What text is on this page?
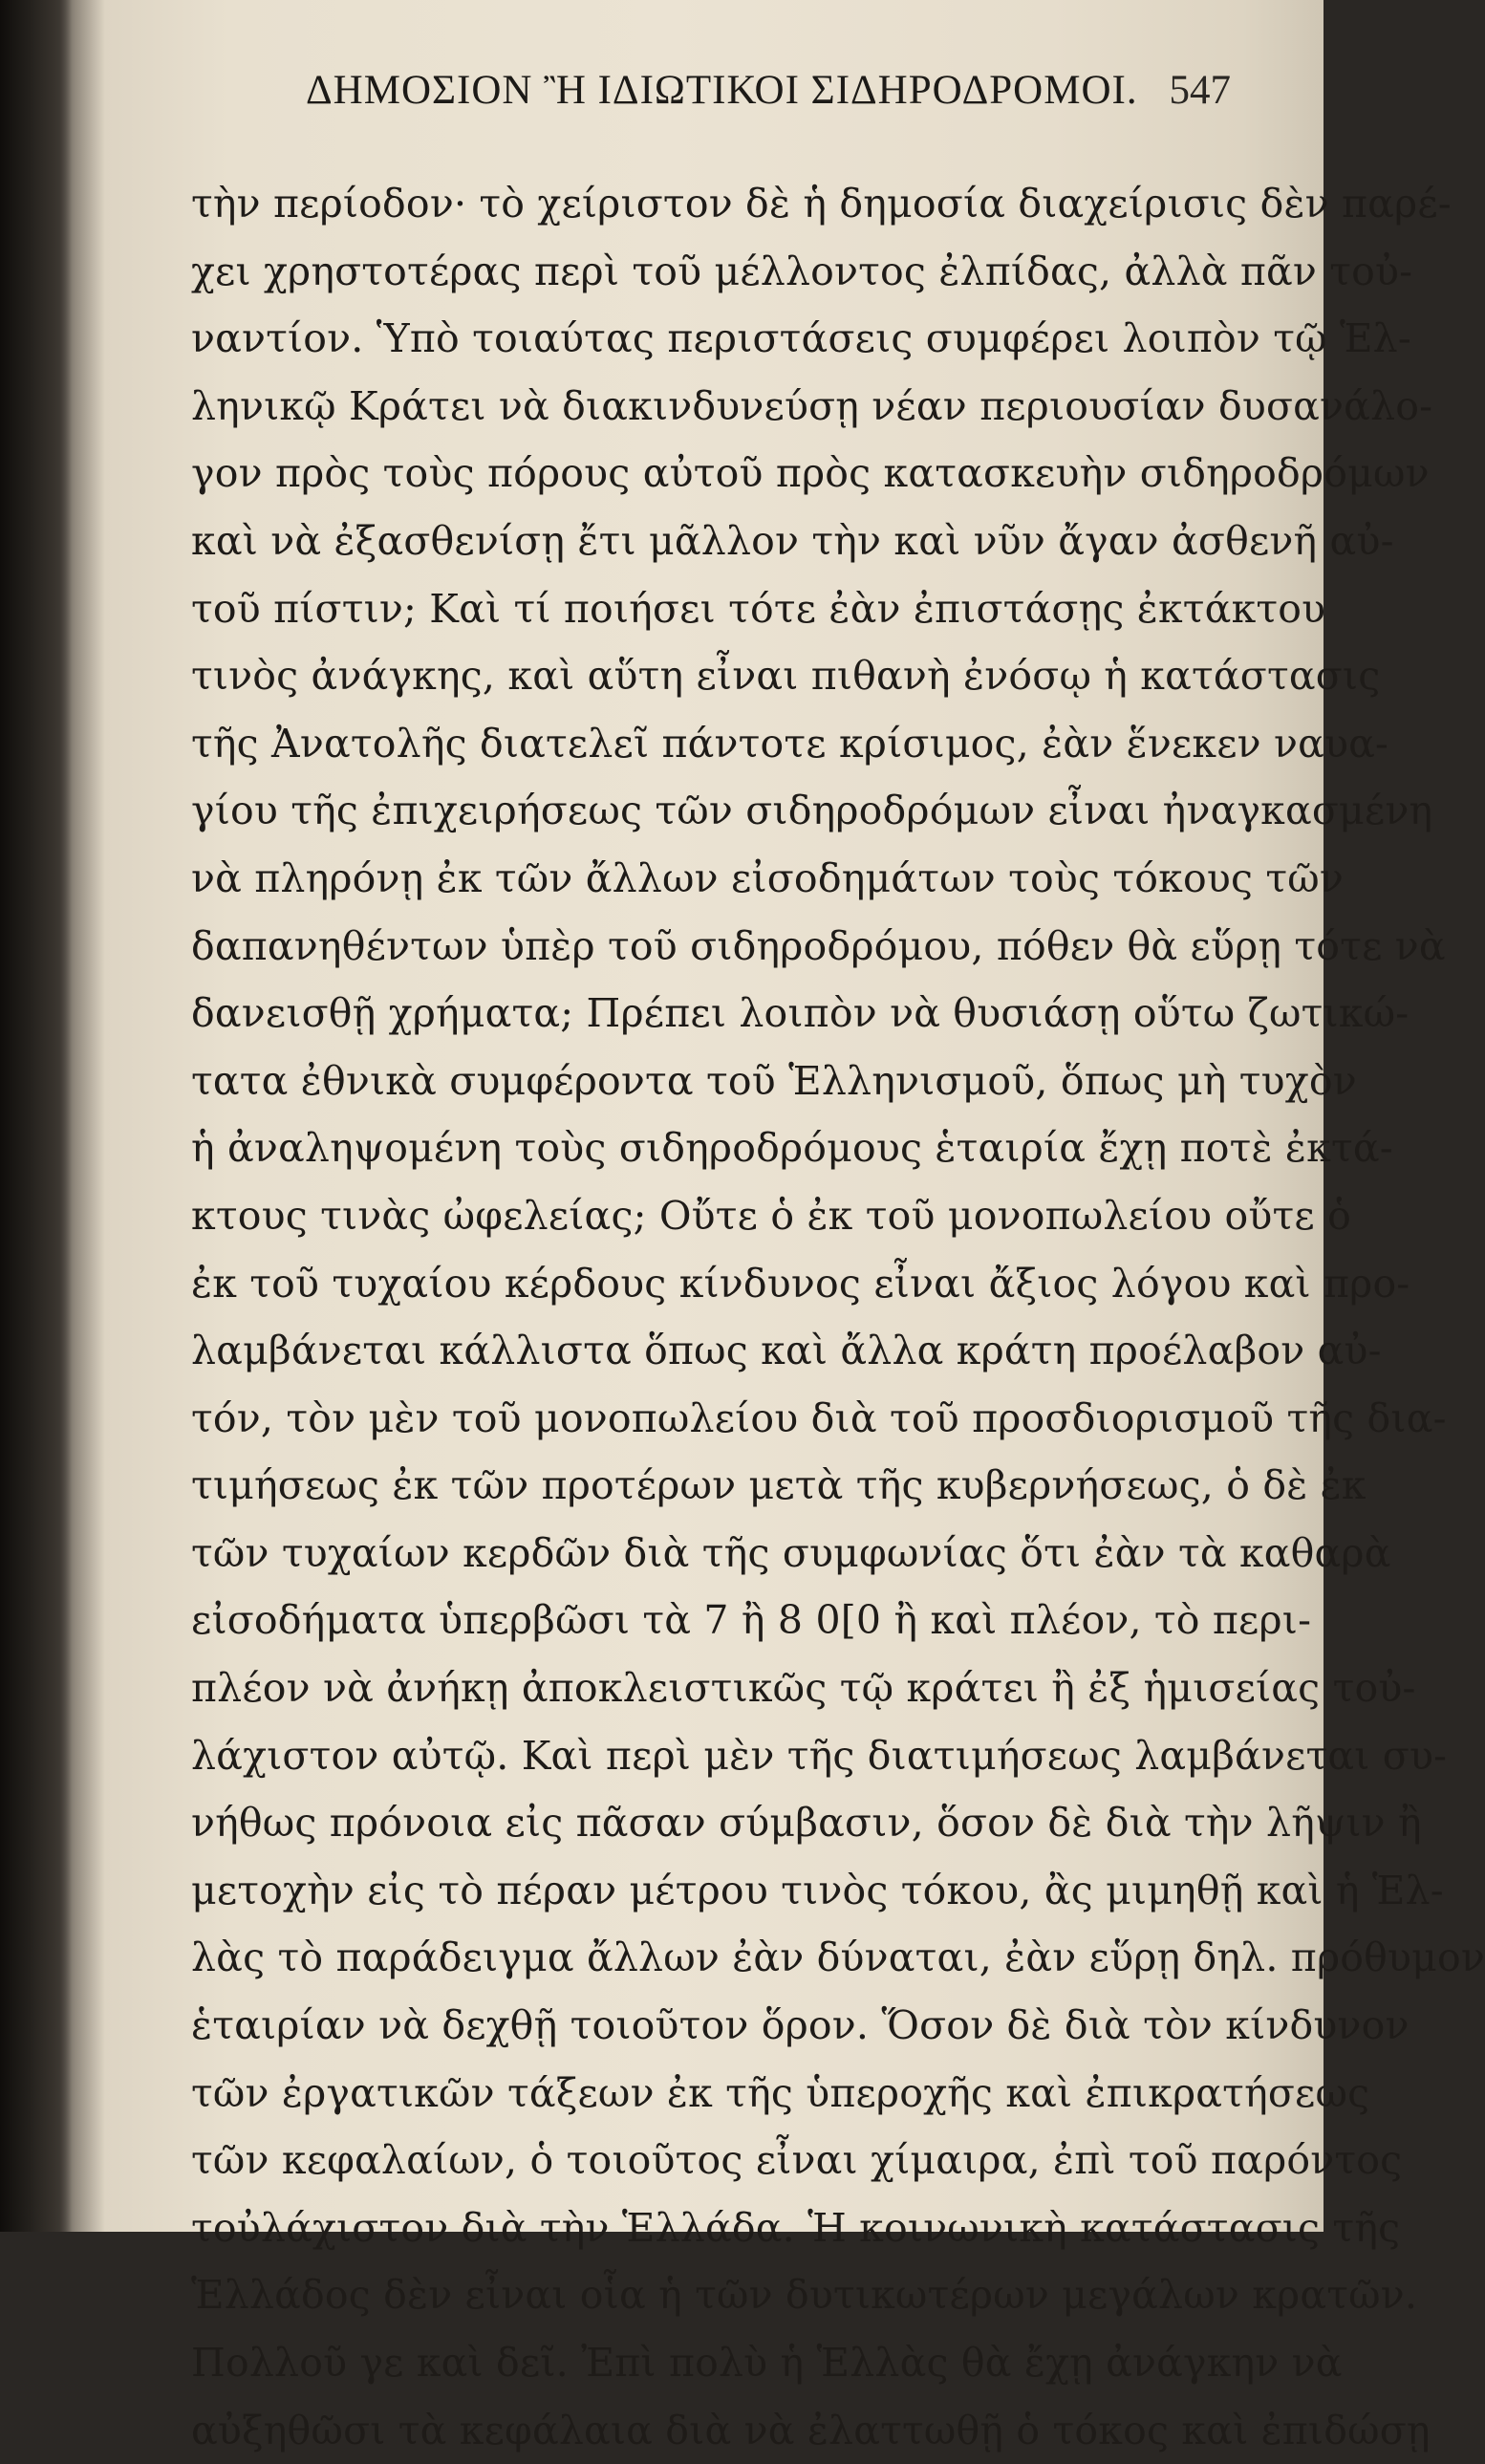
ΔΗΜΟΣΙΟΝ Ἢ ΙΔΙΩΤΙΚΟΙ ΣΙΔΗΡΟΔΡΟΜΟΙ. 547
τὴν περίοδον· τὸ χείριστον δὲ ἡ δημοσία διαχείρισις δὲν παρέ-
χει χρηστοτέρας περὶ τοῦ μέλλοντος ἐλπίδας, ἀλλὰ πᾶν τοὐ-
ναντίον. Ὑπὸ τοιαύτας περιστάσεις συμφέρει λοιπὸν τῷ Ἑλ-
ληνικῷ Κράτει νὰ διακινδυνεύσῃ νέαν περιουσίαν δυσανάλο-
γον πρὸς τοὺς πόρους αὐτοῦ πρὸς κατασκευὴν σιδηροδρόμων
καὶ νὰ ἐξασθενίσῃ ἔτι μᾶλλον τὴν καὶ νῦν ἄγαν ἀσθενῆ αὐ-
τοῦ πίστιν; Καὶ τί ποιήσει τότε ἐὰν ἐπιστάσῃς ἐκτάκτου
τινὸς ἀνάγκης, καὶ αὕτη εἶναι πιθανὴ ἐνόσῳ ἡ κατάστασις
τῆς Ἀνατολῆς διατελεῖ πάντοτε κρίσιμος, ἐὰν ἕνεκεν ναυα-
γίου τῆς ἐπιχειρήσεως τῶν σιδηροδρόμων εἶναι ἠναγκασμένη
νὰ πληρόνῃ ἐκ τῶν ἄλλων εἰσοδημάτων τοὺς τόκους τῶν
δαπανηθέντων ὑπὲρ τοῦ σιδηροδρόμου, πόθεν θὰ εὕρῃ τότε νὰ
δανεισθῇ χρήματα; Πρέπει λοιπὸν νὰ θυσιάσῃ οὕτω ζωτικώ-
τατα ἐθνικὰ συμφέροντα τοῦ Ἑλληνισμοῦ, ὅπως μὴ τυχὸν
ἡ ἀναληψομένη τοὺς σιδηροδρόμους ἑταιρία ἔχῃ ποτὲ ἐκτά-
κτους τινὰς ὠφελείας; Οὔτε ὁ ἐκ τοῦ μονοπωλείου οὔτε ὁ
ἐκ τοῦ τυχαίου κέρδους κίνδυνος εἶναι ἄξιος λόγου καὶ προ-
λαμβάνεται κάλλιστα ὅπως καὶ ἄλλα κράτη προέλαβον αὐ-
τόν, τὸν μὲν τοῦ μονοπωλείου διὰ τοῦ προσδιορισμοῦ τῆς δια-
τιμήσεως ἐκ τῶν προτέρων μετὰ τῆς κυβερνήσεως, ὁ δὲ ἐκ
τῶν τυχαίων κερδῶν διὰ τῆς συμφωνίας ὅτι ἐὰν τὰ καθαρὰ
εἰσοδήματα ὑπερβῶσι τὰ 7 ἢ 8 0[0 ἢ καὶ πλέον, τὸ περι-
πλέον νὰ ἀνήκῃ ἀποκλειστικῶς τῷ κράτει ἢ ἐξ ἡμισείας τοὐ-
λάχιστον αὐτῷ. Καὶ περὶ μὲν τῆς διατιμήσεως λαμβάνεται συ-
νήθως πρόνοια εἰς πᾶσαν σύμβασιν, ὅσον δὲ διὰ τὴν λῆψιν ἢ
μετοχὴν εἰς τὸ πέραν μέτρου τινὸς τόκου, ἂς μιμηθῇ καὶ ἡ Ἑλ-
λὰς τὸ παράδειγμα ἄλλων ἐὰν δύναται, ἐὰν εὕρῃ δηλ. πρόθυμον
ἑταιρίαν νὰ δεχθῇ τοιοῦτον ὅρον. Ὅσον δὲ διὰ τὸν κίνδυνον
τῶν ἐργατικῶν τάξεων ἐκ τῆς ὑπεροχῆς καὶ ἐπικρατήσεως
τῶν κεφαλαίων, ὁ τοιοῦτος εἶναι χίμαιρα, ἐπὶ τοῦ παρόντος
τοὐλάχιστον διὰ τὴν Ἑλλάδα. Ἡ κοινωνικὴ κατάστασις τῆς
Ἑλλάδος δὲν εἶναι οἷα ἡ τῶν δυτικωτέρων μεγάλων κρατῶν.
Πολλοῦ γε καὶ δεῖ. Ἐπὶ πολὺ ἡ Ἑλλὰς θὰ ἔχῃ ἀνάγκην νὰ
αὐξηθῶσι τὰ κεφάλαια διὰ νὰ ἐλαττωθῇ ὁ τόκος καὶ ἐπιδώσῃ
